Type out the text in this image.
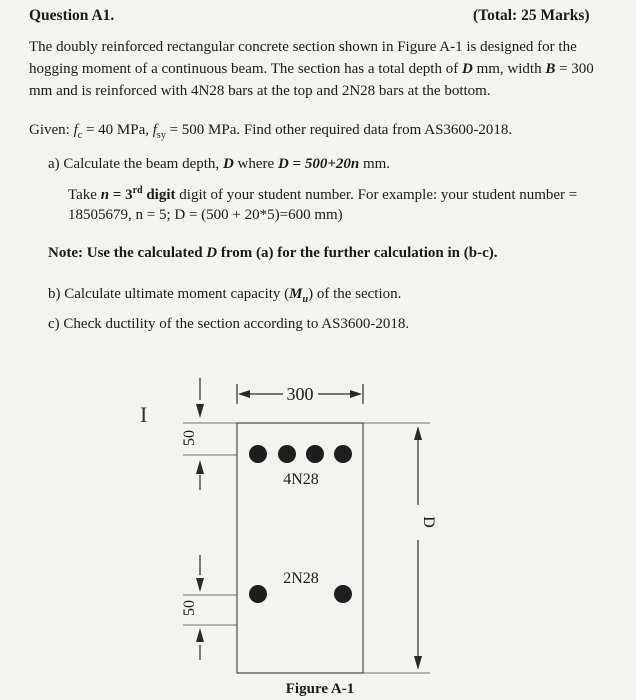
Question A1.	(Total: 25 Marks)
The doubly reinforced rectangular concrete section shown in Figure A-1 is designed for the
hogging moment of a continuous beam. The section has a total depth of D mm, width B = 300
mm and is reinforced with 4N28 bars at the top and 2N28 bars at the bottom.
Given: $f_c = 40$ MPa, $f_{sy} = 500$ MPa. Find other required data from AS3600-2018.
a) Calculate the beam depth, D where D = 500+20n mm.
Take n = 3rd digit digit of your student number. For example: your student number =
18505679, n = 5; D = (500 + 20*5)=600 mm)
Note: Use the calculated D from (a) for the further calculation in (b-c).
b) Calculate ultimate moment capacity $(M_u)$ of the section.
c) Check ductility of the section according to AS3600-2018.
I
300
D
50
50
4N28
2N28
Figure A-1
